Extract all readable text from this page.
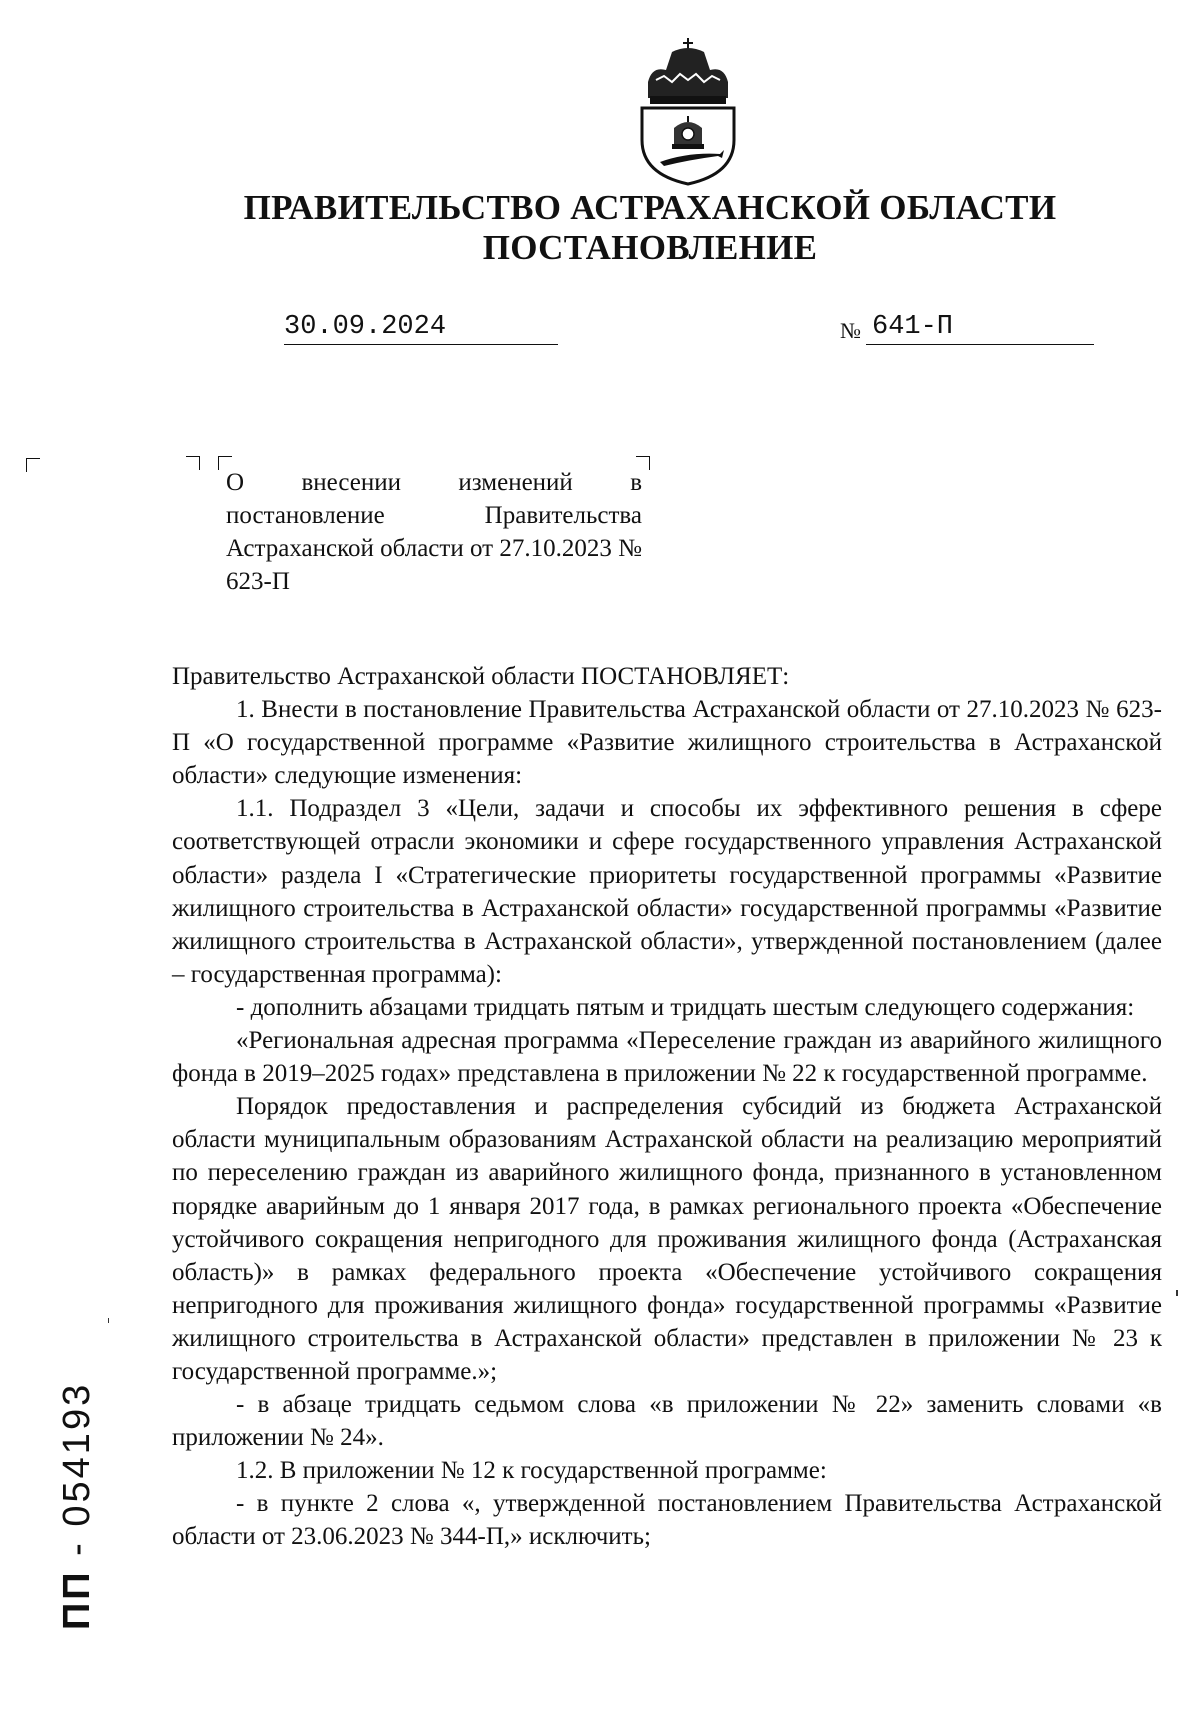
ПРАВИТЕЛЬСТВО АСТРАХАНСКОЙ ОБЛАСТИ
ПОСТАНОВЛЕНИЕ
30.09.2024	№ 641-П
О внесении изменений в постановление Правительства Астраханской области от 27.10.2023 № 623-П

Правительство Астраханской области ПОСТАНОВЛЯЕТ:

1. Внести в постановление Правительства Астраханской области от 27.10.2023 № 623-П «О государственной программе «Развитие жилищного строительства в Астраханской области» следующие изменения:

1.1. Подраздел 3 «Цели, задачи и способы их эффективного решения в сфере соответствующей отрасли экономики и сфере государственного управления Астраханской области» раздела I «Стратегические приоритеты государственной программы «Развитие жилищного строительства в Астраханской области» государственной программы «Развитие жилищного строительства в Астраханской области», утвержденной постановлением (далее – государственная программа):

- дополнить абзацами тридцать пятым и тридцать шестым следующего содержания:

«Региональная адресная программа «Переселение граждан из аварийного жилищного фонда в 2019–2025 годах» представлена в приложении № 22 к государственной программе.

Порядок предоставления и распределения субсидий из бюджета Астраханской области муниципальным образованиям Астраханской области на реализацию мероприятий по переселению граждан из аварийного жилищного фонда, признанного в установленном порядке аварийным до 1 января 2017 года, в рамках регионального проекта «Обеспечение устойчивого сокращения непригодного для проживания жилищного фонда (Астраханская область)» в рамках федерального проекта «Обеспечение устойчивого сокращения непригодного для проживания жилищного фонда» государственной программы «Развитие жилищного строительства в Астраханской области» представлен в приложении № 23 к государственной программе.»;

- в абзаце тридцать седьмом слова «в приложении № 22» заменить словами «в приложении № 24».

1.2. В приложении № 12 к государственной программе:

- в пункте 2 слова «, утвержденной постановлением Правительства Астраханской области от 23.06.2023 № 344-П,» исключить;

ПП - 054193
